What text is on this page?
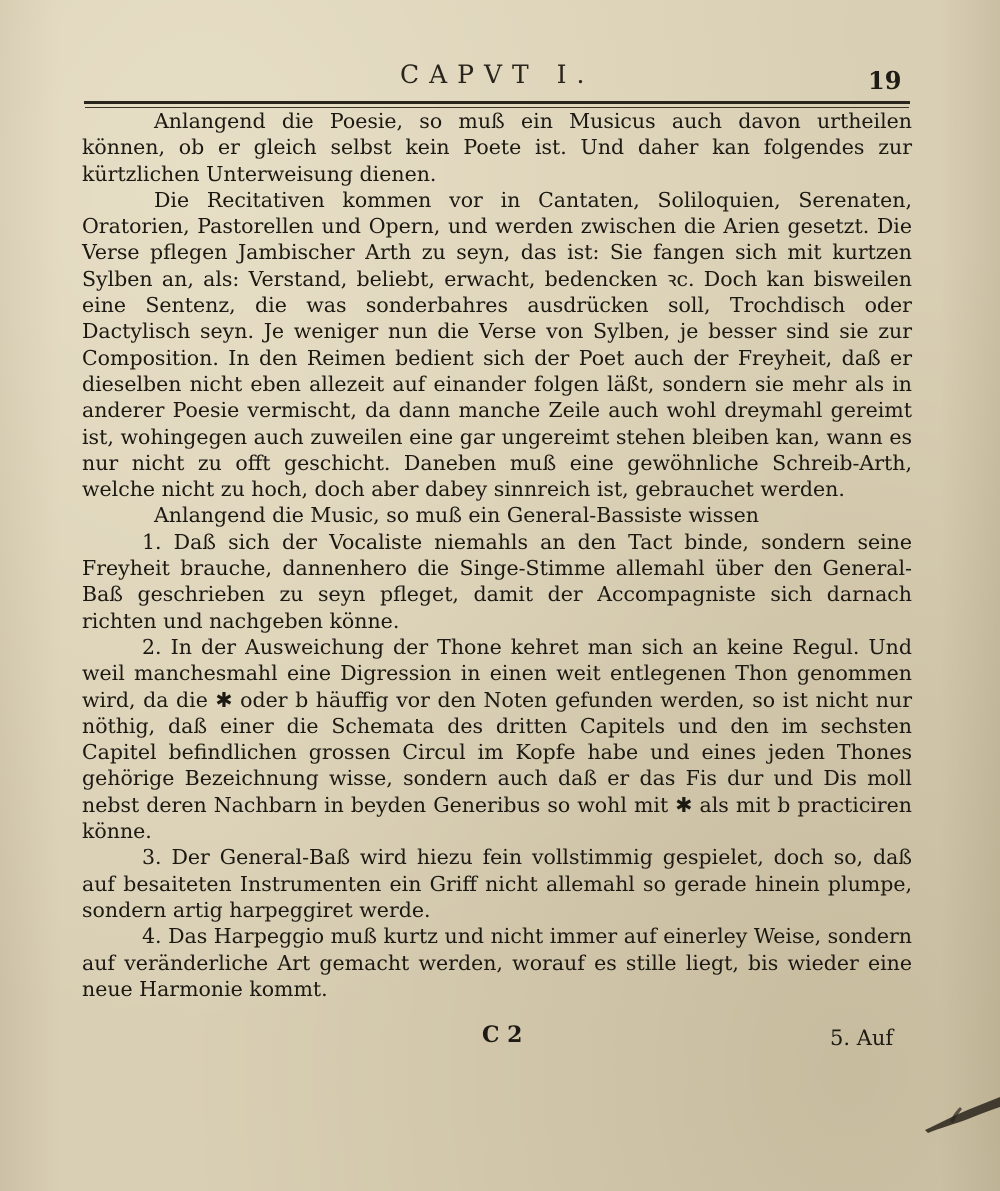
CAPVT I.	19

Anlangend die Poesie, so muß ein Musicus auch davon urtheilen können, ob er gleich selbst kein Poete ist. Und daher kan folgendes zur kürtzlichen Unterweisung dienen.

Die Recitativen kommen vor in Cantaten, Soliloquien, Serenaten, Oratorien, Pastorellen und Opern, und werden zwischen die Arien gesetzt. Die Verse pflegen Jambischer Arth zu seyn, das ist: Sie fangen sich mit kurtzen Sylben an, als: Verstand, beliebt, erwacht, bedencken ꝛc. Doch kan bisweilen eine Sentenz, die was sonderbahres ausdrücken soll, Trochdisch oder Dactylisch seyn. Je weniger nun die Verse von Sylben, je besser sind sie zur Composition. In den Reimen bedient sich der Poet auch der Freyheit, daß er dieselben nicht eben allezeit auf einander folgen läßt, sondern sie mehr als in anderer Poesie vermischt, da dann manche Zeile auch wohl dreymahl gereimt ist, wohingegen auch zuweilen eine gar ungereimt stehen bleiben kan, wann es nur nicht zu offt geschicht. Daneben muß eine gewöhnliche Schreib-Arth, welche nicht zu hoch, doch aber dabey sinnreich ist, gebrauchet werden.

Anlangend die Music, so muß ein General-Bassiste wissen

1. Daß sich der Vocaliste niemahls an den Tact binde, sondern seine Freyheit brauche, dannenhero die Singe-Stimme allemahl über den General-Baß geschrieben zu seyn pfleget, damit der Accompagniste sich darnach richten und nachgeben könne.

2. In der Ausweichung der Thone kehret man sich an keine Regul. Und weil manchesmahl eine Digression in einen weit entlegenen Thon genommen wird, da die ✱ oder b häuffig vor den Noten gefunden werden, so ist nicht nur nöthig, daß einer die Schemata des dritten Capitels und den im sechsten Capitel befindlichen grossen Circul im Kopfe habe und eines jeden Thones gehörige Bezeichnung wisse, sondern auch daß er das Fis dur und Dis moll nebst deren Nachbarn in beyden Generibus so wohl mit ✱ als mit b practiciren könne.

3. Der General-Baß wird hiezu fein vollstimmig gespielet, doch so, daß auf besaiteten Instrumenten ein Griff nicht allemahl so gerade hinein plumpe, sondern artig harpeggiret werde.

4. Das Harpeggio muß kurtz und nicht immer auf einerley Weise, sondern auf veränderliche Art gemacht werden, worauf es stille liegt, bis wieder eine neue Harmonie kommt.

C 2	5. Auf
